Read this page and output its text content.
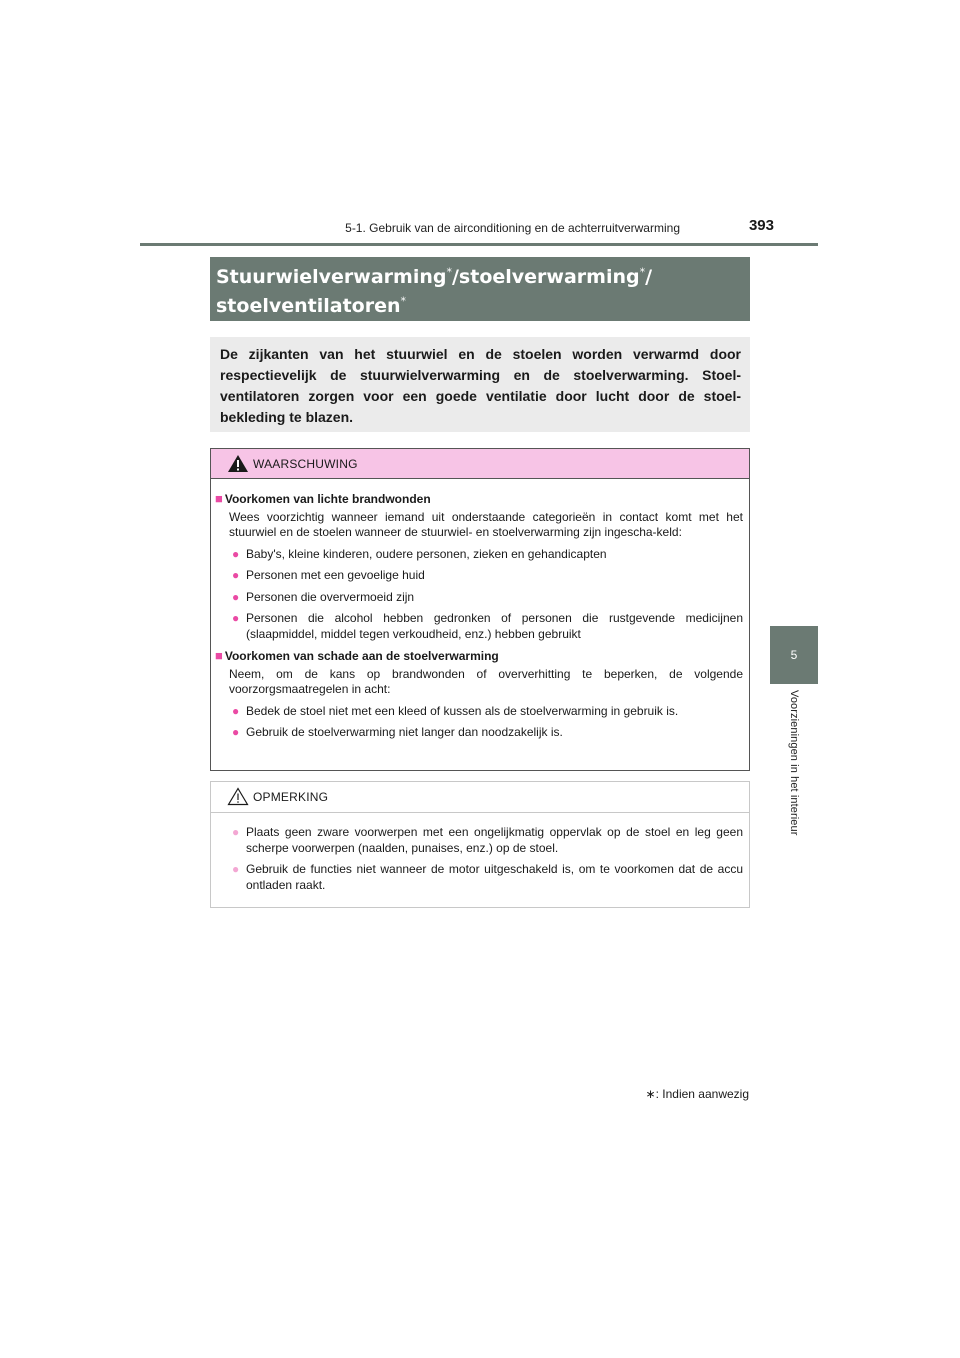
5-1. Gebruik van de airconditioning en de achterruitverwarming	393
5
Voorzieningen in het interieur
Stuurwielverwarming*/stoelverwarming*/
stoelventilatoren*
De zijkanten van het stuurwiel en de stoelen worden verwarmd door respectievelijk de stuurwielverwarming en de stoelverwarming. Stoel-ventilatoren zorgen voor een goede ventilatie door lucht door de stoel-bekleding te blazen.
WAARSCHUWING
■ Voorkomen van lichte brandwonden
Wees voorzichtig wanneer iemand uit onderstaande categorieën in contact komt met het stuurwiel en de stoelen wanneer de stuurwiel- en stoelverwarming zijn ingescha-keld:
● Baby's, kleine kinderen, oudere personen, zieken en gehandicapten
● Personen met een gevoelige huid
● Personen die oververmoeid zijn
● Personen die alcohol hebben gedronken of personen die rustgevende medicijnen (slaapmiddel, middel tegen verkoudheid, enz.) hebben gebruikt
■ Voorkomen van schade aan de stoelverwarming
Neem, om de kans op brandwonden of oververhitting te beperken, de volgende voorzorgsmaatregelen in acht:
● Bedek de stoel niet met een kleed of kussen als de stoelverwarming in gebruik is.
● Gebruik de stoelverwarming niet langer dan noodzakelijk is.
OPMERKING
● Plaats geen zware voorwerpen met een ongelijkmatig oppervlak op de stoel en leg geen scherpe voorwerpen (naalden, punaises, enz.) op de stoel.
● Gebruik de functies niet wanneer de motor uitgeschakeld is, om te voorkomen dat de accu ontladen raakt.
∗: Indien aanwezig
